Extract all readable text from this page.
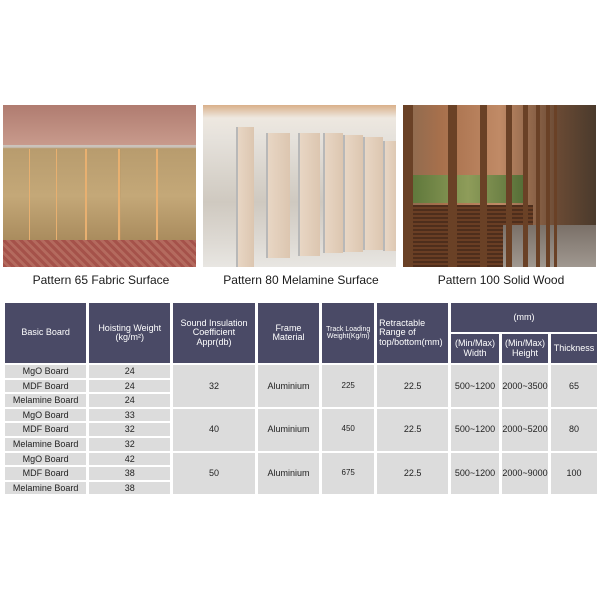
Pattern 65 Fabric Surface	Pattern 80 Melamine Surface	Pattern 100 Solid Wood
Basic Board	Hoisting Weight (kg/m²)	Sound Insulation Coefficient Appr(db)	Frame Material	Track Loading Weight(Kg/m)	Retractable Range of top/bottom(mm)	(mm)		
						(Min/Max) Width	(Min/Max) Height	Thickness
MgO Board	24	32	Aluminium	225	22.5	500~1200	2000~3500	65
MDF Board	24							
Melamine Board	24							
MgO Board	33	40	Aluminium	450	22.5	500~1200	2000~5200	80
MDF Board	32							
Melamine Board	32							
MgO Board	42	50	Aluminium	675	22.5	500~1200	2000~9000	100
MDF Board	38							
Melamine Board	38							
